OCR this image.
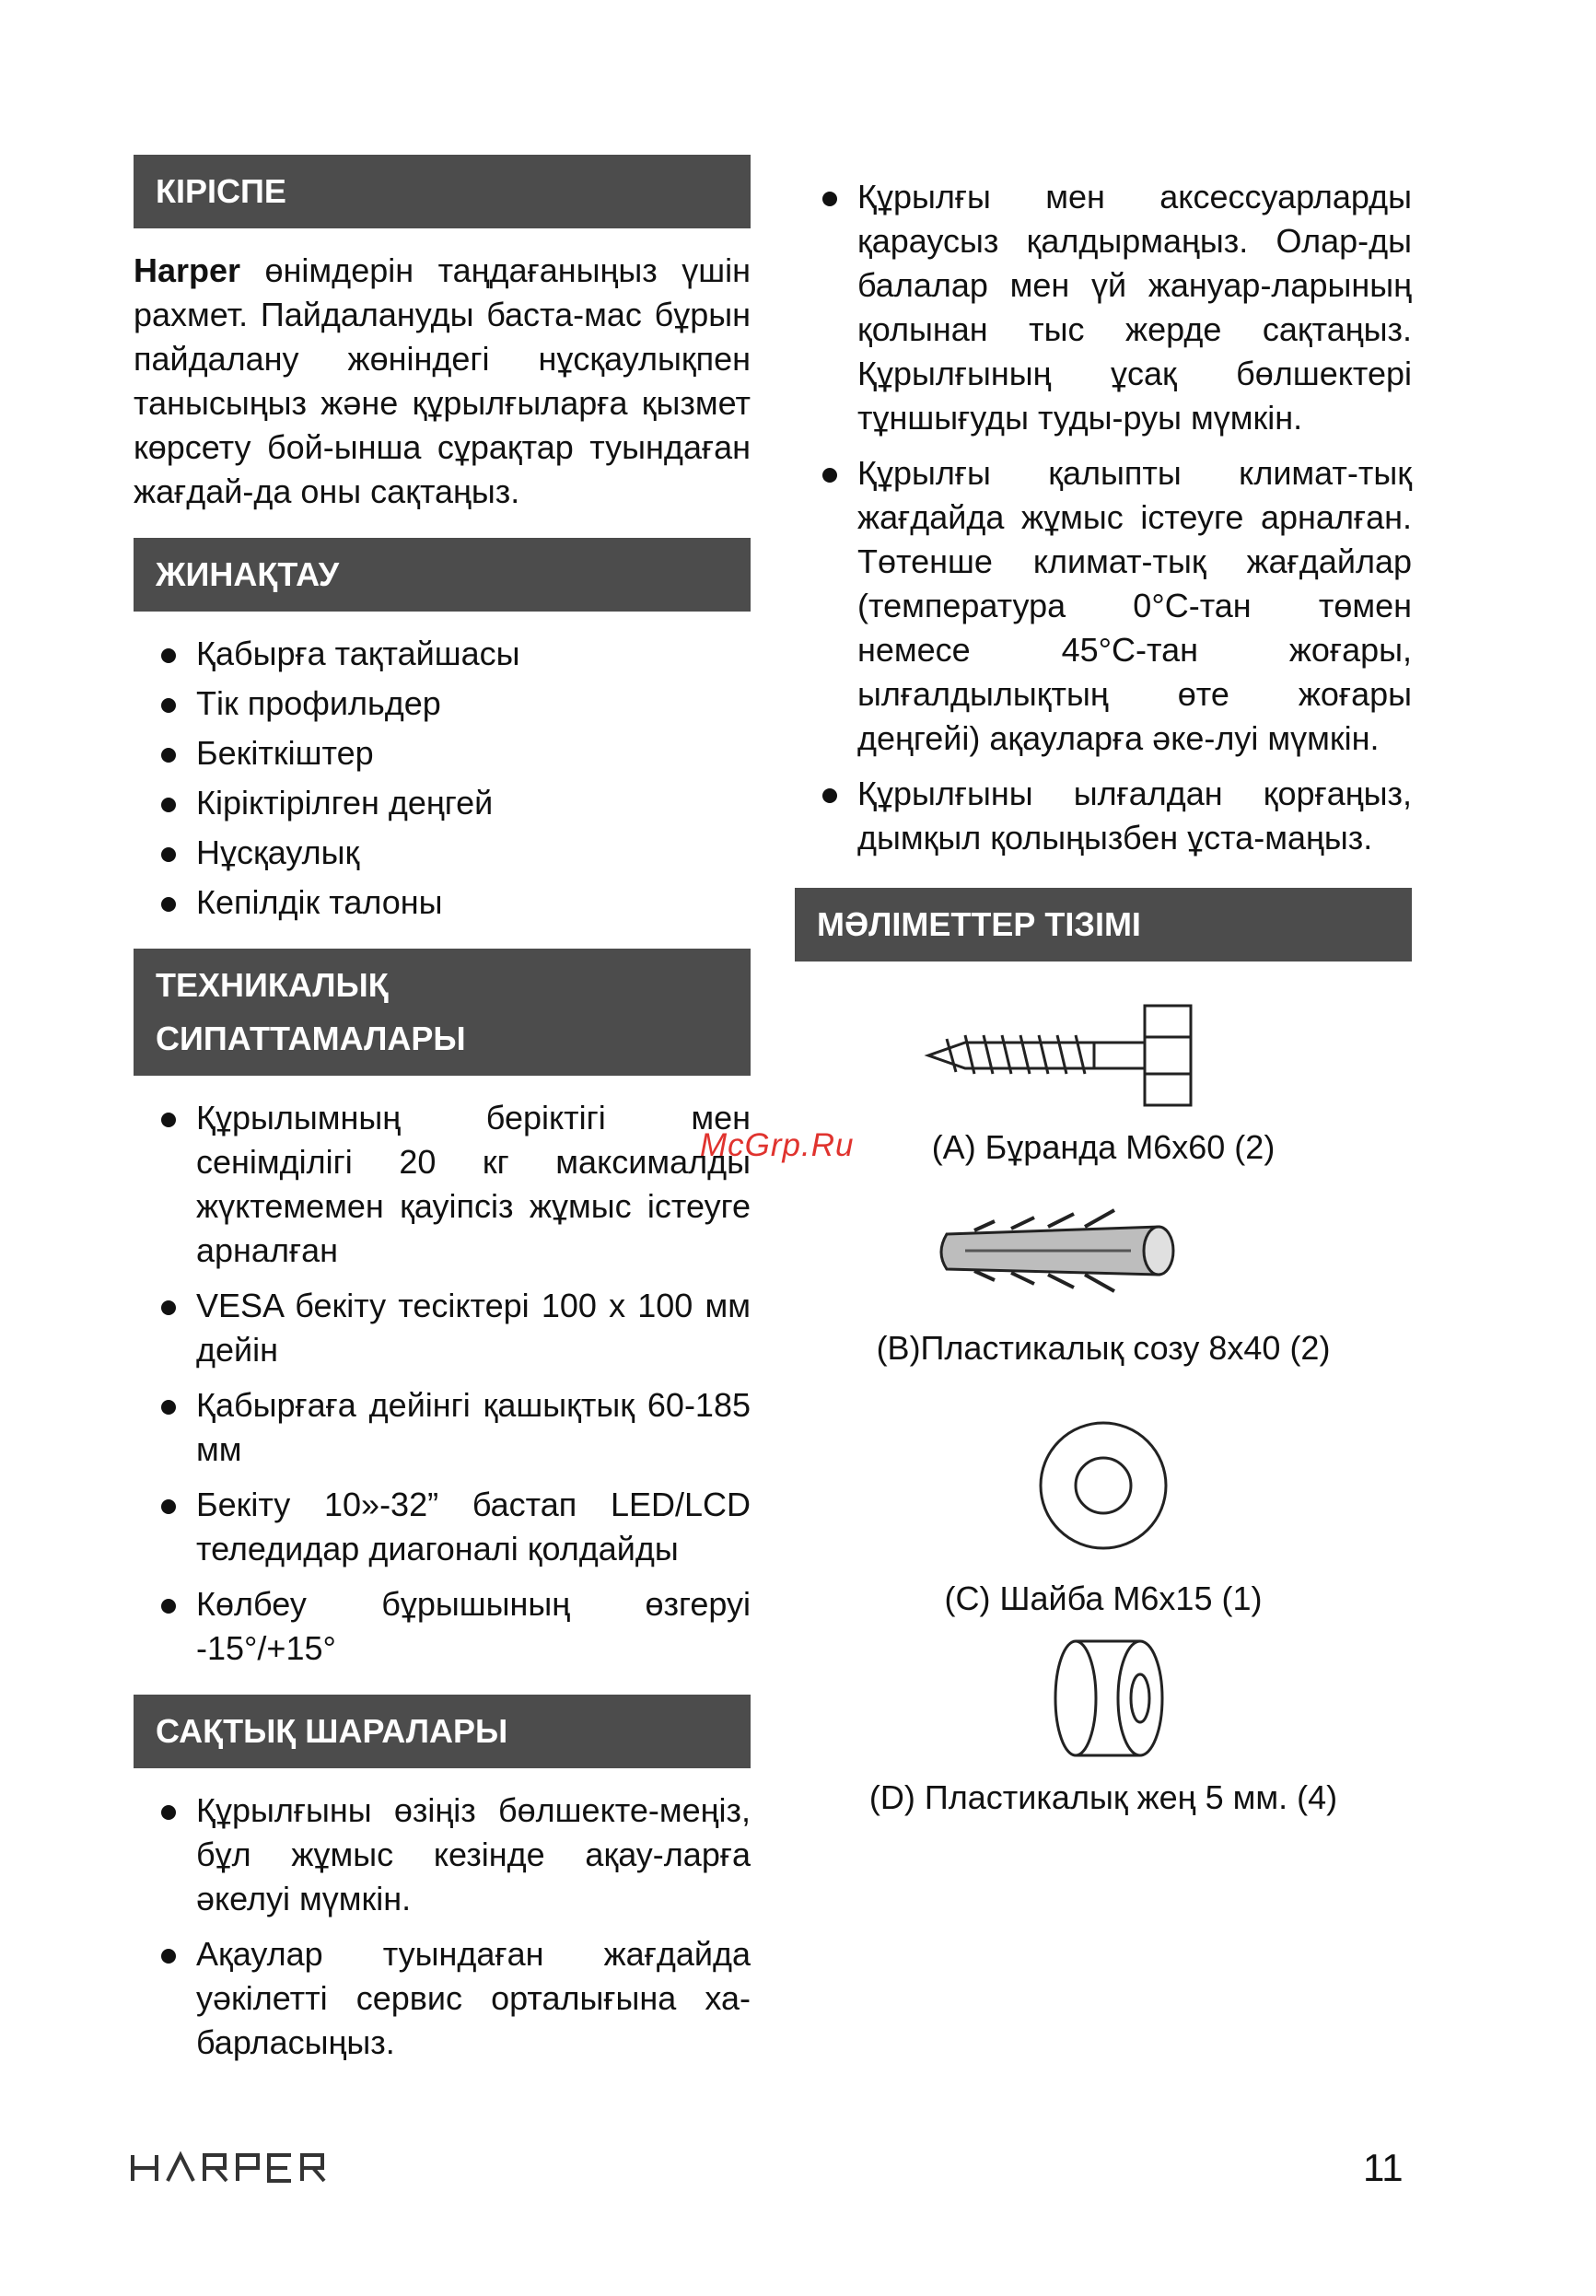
КІРІСПЕ

Harper өнімдерін таңдағаныңыз үшін рахмет. Пайдалануды баста-мас бұрын пайдалану жөніндегі нұсқаулықпен танысыңыз және құрылғыларға қызмет көрсету бой-ынша сұрақтар туындаған жағдай-да оны сақтаңыз.

ЖИНАҚТАУ
Қабырға тақтайшасы
Тік профильдер
Бекіткіштер
Кіріктірілген деңгей
Нұсқаулық
Кепілдік талоны
ТЕХНИКАЛЫҚ
СИПАТТАМАЛАРЫ
Құрылымның беріктігі мен сенімділігі 20 кг максималды жүктемемен қауіпсіз жұмыс істеуге арналған
VESA бекіту тесіктері 100 х 100 мм дейін
Қабырғаға дейінгі қашықтық 60-185 мм
Бекіту 10»-32” бастап LED/LCD теледидар диагоналі қолдайды
Көлбеу бұрышының өзгеруі -15°/+15°
САҚТЫҚ ШАРАЛАРЫ
Құрылғыны өзіңіз бөлшекте-меңіз, бұл жұмыс кезінде ақау-ларға әкелуі мүмкін.
Ақаулар туындаған жағдайда уәкілетті сервис орталығына ха-барласыңыз.
Құрылғы мен аксессуарларды қараусыз қалдырмаңыз. Олар-ды балалар мен үй жануар-ларының қолынан тыс жерде сақтаңыз. Құрылғының ұсақ бөлшектері тұншығуды туды-руы мүмкін.
Құрылғы қалыпты климат-тық жағдайда жұмыс істеуге арналған. Төтенше климат-тық жағдайлар (температура 0°С-тан төмен немесе 45°С-тан жоғары, ылғалдылықтың өте жоғары деңгейі) ақауларға әке-луі мүмкін.
Құрылғыны ылғалдан қорғаңыз, дымқыл қолыңызбен ұста-маңыз.
МӘЛІМЕТТЕР ТІЗІМІ
(A) Бұранда M6x60 (2)
(B)Пластикалық созу 8x40 (2)
(C) Шайба M6x15 (1)
(D) Пластикалық жең 5 мм. (4)
McGrp.Ru
11
